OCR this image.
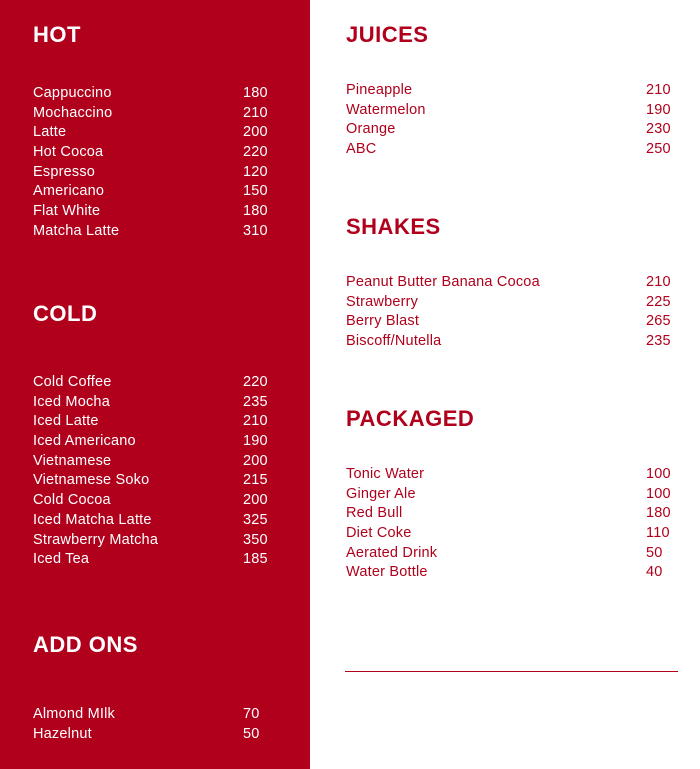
HOT
Cappuccino	180
Mochaccino	210
Latte	200
Hot Cocoa	220
Espresso	120
Americano	150
Flat White	180
Matcha Latte	310
COLD
Cold Coffee	220
Iced Mocha	235
Iced Latte	210
Iced Americano	190
Vietnamese	200
Vietnamese Soko	215
Cold Cocoa	200
Iced Matcha Latte	325
Strawberry Matcha	350
Iced Tea	185
ADD ONS
Almond MIlk	70
Hazelnut	50
JUICES
Pineapple	210
Watermelon	190
Orange	230
ABC	250
SHAKES
Peanut Butter Banana Cocoa	210
Strawberry	225
Berry Blast	265
Biscoff/Nutella	235
PACKAGED
Tonic Water	100
Ginger Ale	100
Red Bull	180
Diet Coke	110
Aerated Drink	50
Water Bottle	40
